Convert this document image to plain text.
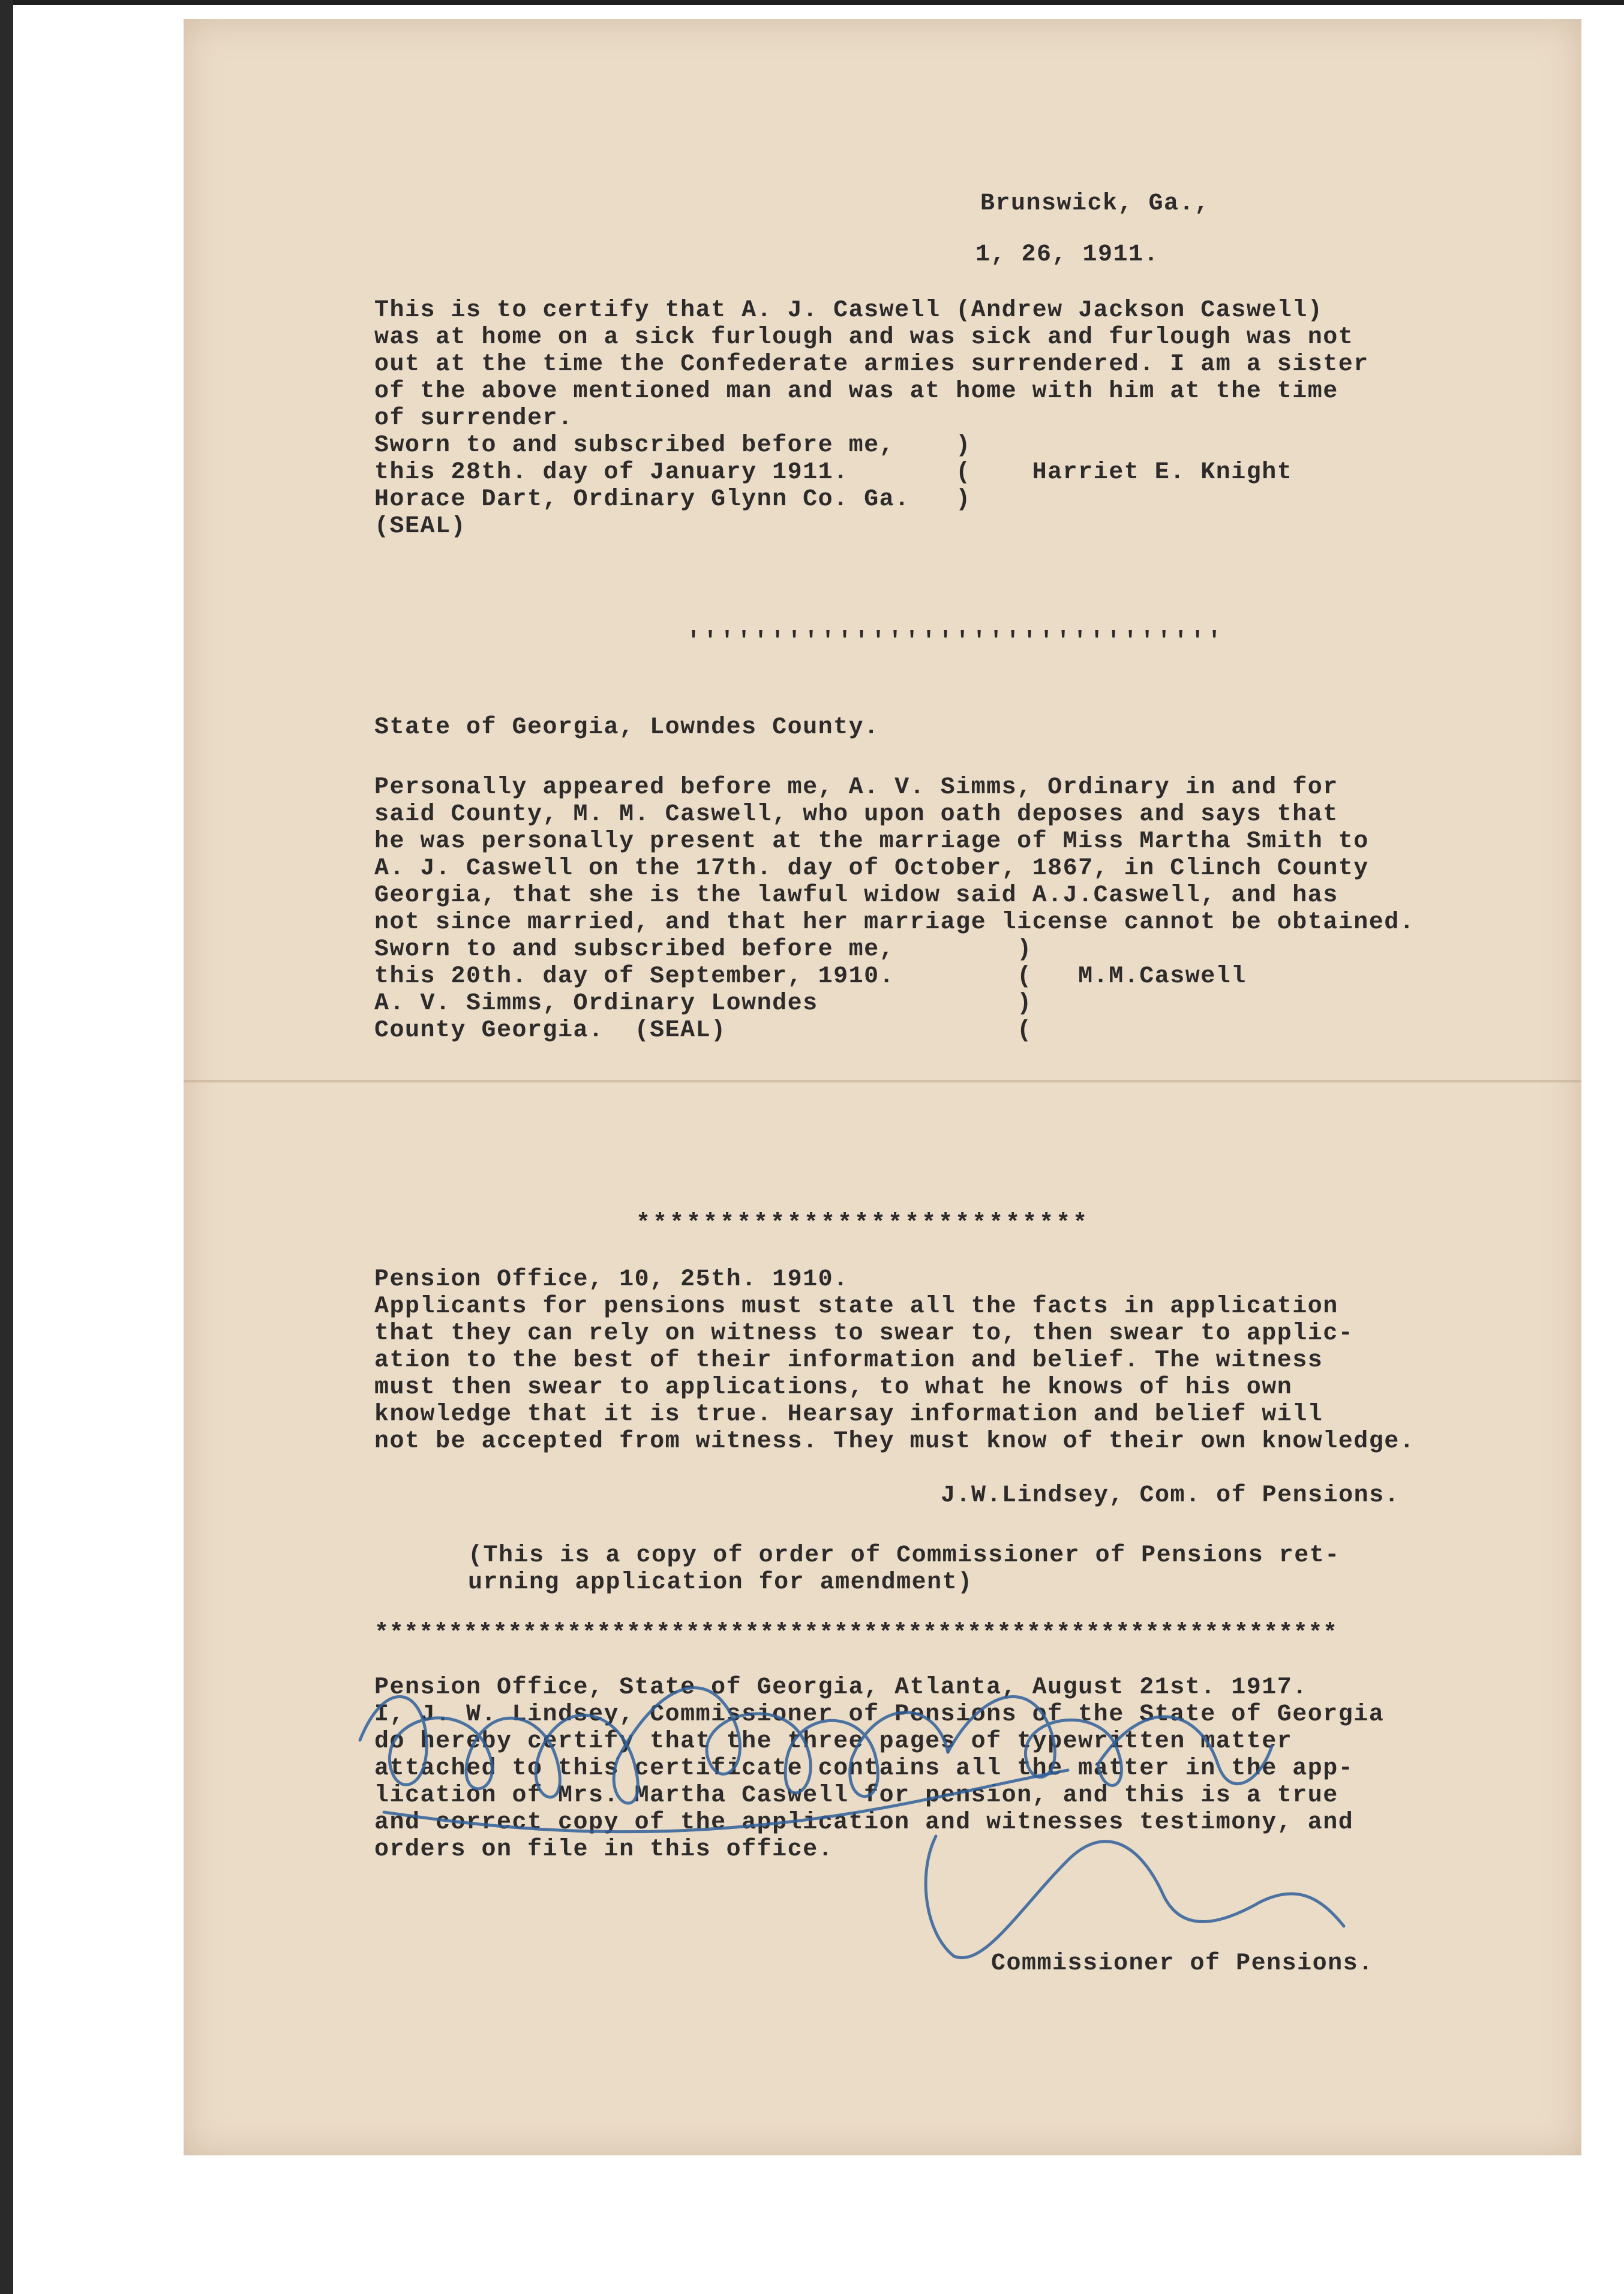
Brunswick, Ga.,
1, 26, 1911.
This is to certify that A. J. Caswell (Andrew Jackson Caswell)
was at home on a sick furlough and was sick and furlough was not
out at the time the Confederate armies surrendered. I am a sister
of the above mentioned man and was at home with him at the time
of surrender.
Sworn to and subscribed before me,    )
this 28th. day of January 1911.       (    Harriet E. Knight
Horace Dart, Ordinary Glynn Co. Ga.   )
(SEAL)
''''''''''''''''''''''''''''''''
State of Georgia, Lowndes County.
Personally appeared before me, A. V. Simms, Ordinary in and for
said County, M. M. Caswell, who upon oath deposes and says that
he was personally present at the marriage of Miss Martha Smith to
A. J. Caswell on the 17th. day of October, 1867, in Clinch County
Georgia, that she is the lawful widow said A.J.Caswell, and has
not since married, and that her marriage license cannot be obtained.
Sworn to and subscribed before me,        )
this 20th. day of September, 1910.        (   M.M.Caswell
A. V. Simms, Ordinary Lowndes             )
County Georgia.  (SEAL)                   (
***************************
Pension Office, 10, 25th. 1910.
Applicants for pensions must state all the facts in application
that they can rely on witness to swear to, then swear to applic-
ation to the best of their information and belief. The witness
must then swear to applications, to what he knows of his own
knowledge that it is true. Hearsay information and belief will
not be accepted from witness. They must know of their own knowledge.
J.W.Lindsey, Com. of Pensions.
(This is a copy of order of Commissioner of Pensions ret-
urning application for amendment)
*****************************************************************
Pension Office, State of Georgia, Atlanta, August 21st. 1917.
I, J. W. Lindsey, Commissioner of Pensions of the State of Georgia
do hereby certify that the three pages of typewritten matter
attached to this certificate contains all the matter in the app-
lication of Mrs. Martha Caswell for pension, and this is a true
and correct copy of the application and witnesses testimony, and
orders on file in this office.
Commissioner of Pensions.
